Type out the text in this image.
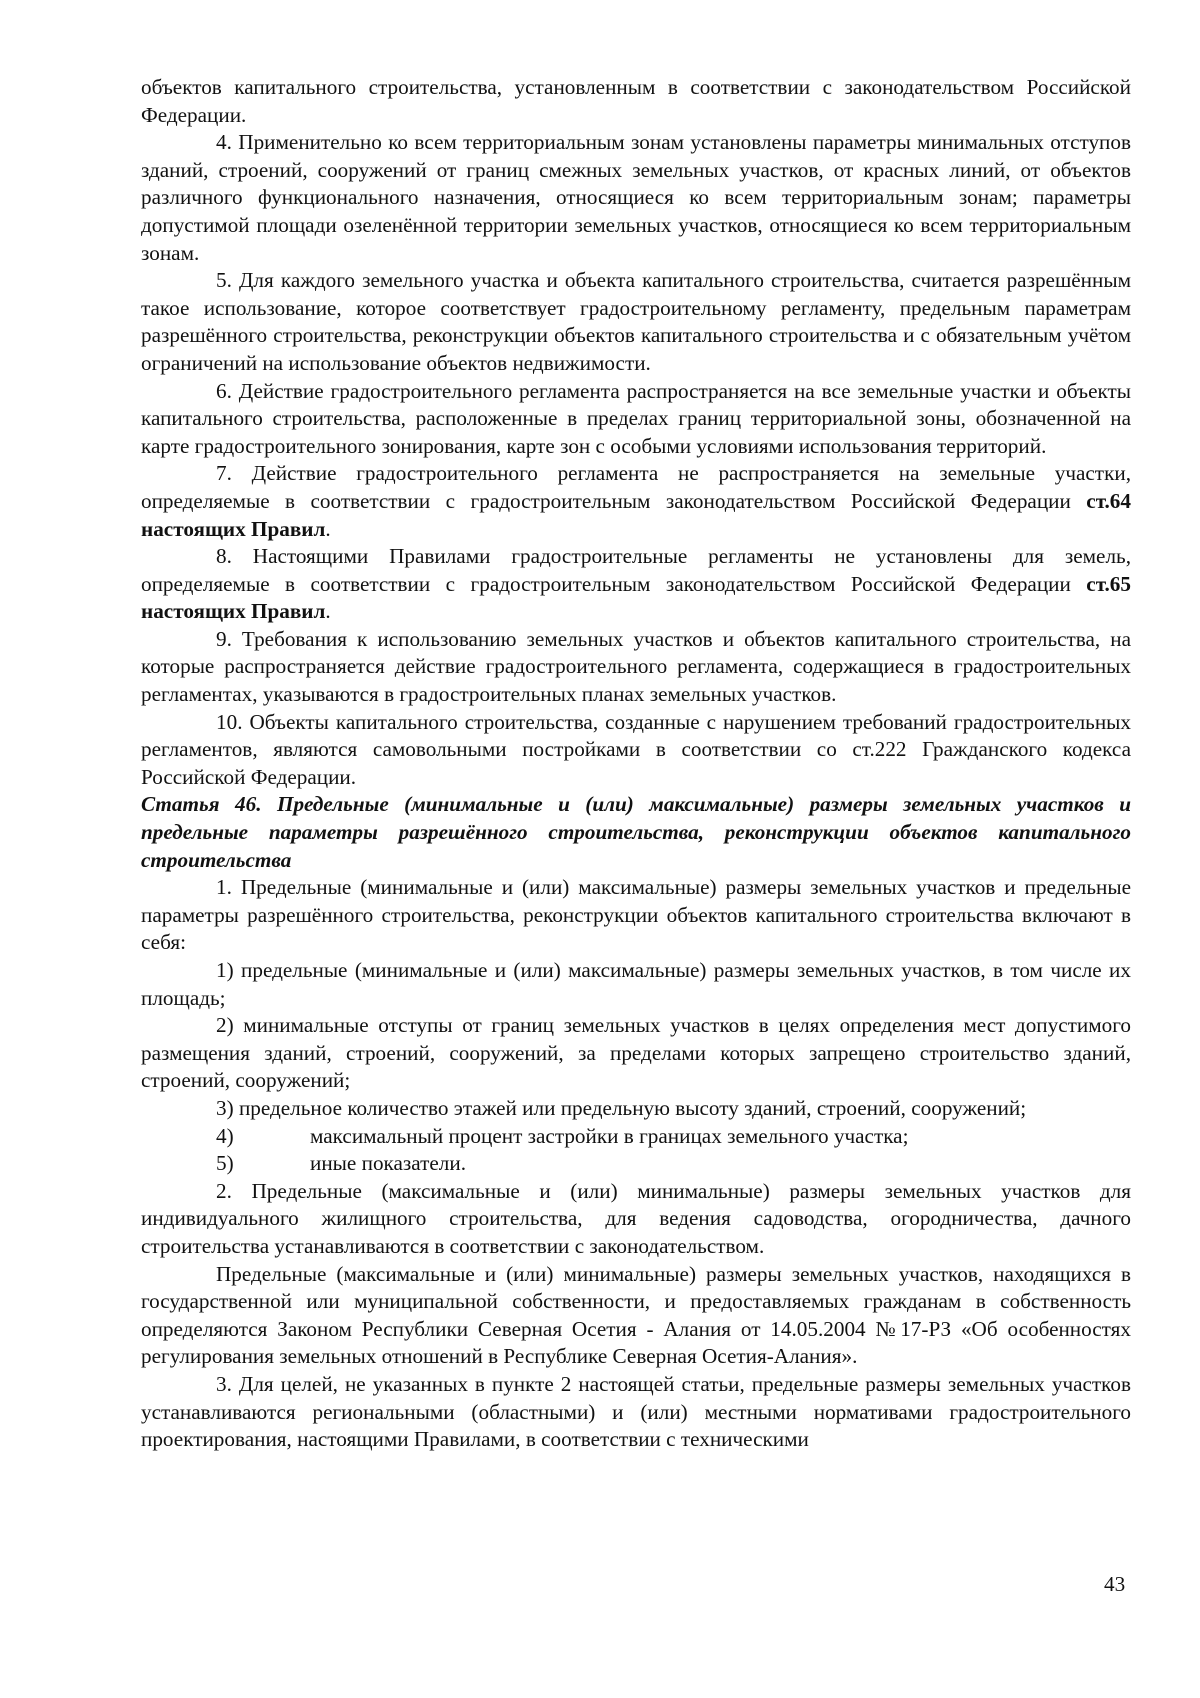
объектов капитального строительства, установленным в соответствии с законодательством Российской Федерации.

4. Применительно ко всем территориальным зонам установлены параметры минимальных отступов зданий, строений, сооружений от границ смежных земельных участков, от красных линий, от объектов различного функционального назначения, относящиеся ко всем территориальным зонам; параметры допустимой площади озеленённой территории земельных участков, относящиеся ко всем территориальным зонам.

5. Для каждого земельного участка и объекта капитального строительства, считается разрешённым такое использование, которое соответствует градостроительному регламенту, предельным параметрам разрешённого строительства, реконструкции объектов капитального строительства и с обязательным учётом ограничений на использование объектов недвижимости.

6. Действие градостроительного регламента распространяется на все земельные участки и объекты капитального строительства, расположенные в пределах границ территориальной зоны, обозначенной на карте градостроительного зонирования, карте зон с особыми условиями использования территорий.

7. Действие градостроительного регламента не распространяется на земельные участки, определяемые в соответствии с градостроительным законодательством Российской Федерации ст.64 настоящих Правил.

8. Настоящими Правилами градостроительные регламенты не установлены для земель, определяемые в соответствии с градостроительным законодательством Российской Федерации ст.65 настоящих Правил.

9. Требования к использованию земельных участков и объектов капитального строительства, на которые распространяется действие градостроительного регламента, содержащиеся в градостроительных регламентах, указываются в градостроительных планах земельных участков.

10. Объекты капитального строительства, созданные с нарушением требований градостроительных регламентов, являются самовольными постройками в соответствии со ст.222 Гражданского кодекса Российской Федерации.

Статья 46. Предельные (минимальные и (или) максимальные) размеры земельных участков и предельные параметры разрешённого строительства, реконструкции объектов капитального строительства

1. Предельные (минимальные и (или) максимальные) размеры земельных участков и предельные параметры разрешённого строительства, реконструкции объектов капитального строительства включают в себя:

1) предельные (минимальные и (или) максимальные) размеры земельных участков, в том числе их площадь;

2) минимальные отступы от границ земельных участков в целях определения мест допустимого размещения зданий, строений, сооружений, за пределами которых запрещено строительство зданий, строений, сооружений;

3) предельное количество этажей или предельную высоту зданий, строений, сооружений;

4)	максимальный процент застройки в границах земельного участка;

5)	иные показатели.

2. Предельные (максимальные и (или) минимальные) размеры земельных участков для индивидуального жилищного строительства, для ведения садоводства, огородничества, дачного строительства устанавливаются в соответствии с законодательством.

Предельные (максимальные и (или) минимальные) размеры земельных участков, находящихся в государственной или муниципальной собственности, и предоставляемых гражданам в собственность определяются Законом Республики Северная Осетия - Алания от 14.05.2004 №17-РЗ «Об особенностях регулирования земельных отношений в Республике Северная Осетия-Алания».

3. Для целей, не указанных в пункте 2 настоящей статьи, предельные размеры земельных участков устанавливаются региональными (областными) и (или) местными нормативами градостроительного проектирования, настоящими Правилами, в соответствии с техническими

43
